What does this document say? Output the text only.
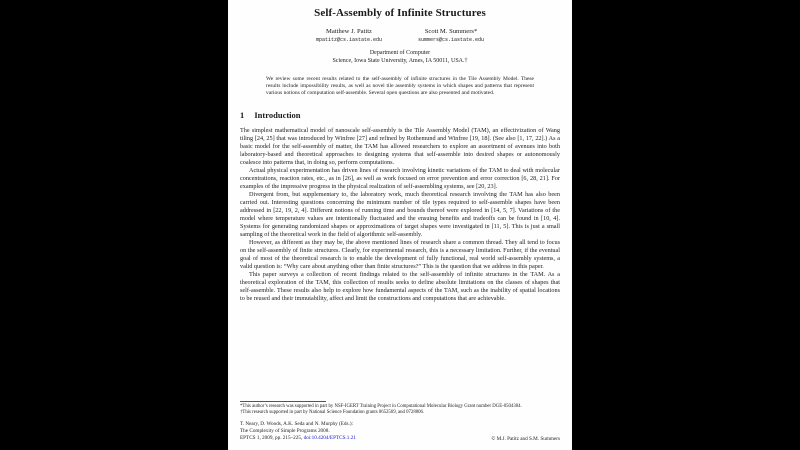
Self-Assembly of Infinite Structures
Matthew J. Patitz
mpatitz@cs.iastate.edu
Scott M. Summers*
summers@cs.iastate.edu
Department of Computer
Science, Iowa State University, Ames, IA 50011, USA.†
We review some recent results related to the self-assembly of infinite structures in the Tile Assembly Model. These results include impossibility results, as well as novel tile assembly systems in which shapes and patterns that represent various notions of computation self-assemble. Several open questions are also presented and motivated.
1 Introduction

The simplest mathematical model of nanoscale self-assembly is the Tile Assembly Model (TAM), an effectivization of Wang tiling [24, 25] that was introduced by Winfree [27] and refined by Rothemund and Winfree [19, 18]. (See also [1, 17, 22].) As a basic model for the self-assembly of matter, the TAM has allowed researchers to explore an assortment of avenues into both laboratory-based and theoretical approaches to designing systems that self-assemble into desired shapes or autonomously coalesce into patterns that, in doing so, perform computations.

Actual physical experimentation has driven lines of research involving kinetic variations of the TAM to deal with molecular concentrations, reaction rates, etc., as in [26], as well as work focused on error prevention and error correction [6, 28, 21]. For examples of the impressive progress in the physical realization of self-assembling systems, see [20, 23].

Divergent from, but supplementary to, the laboratory work, much theoretical research involving the TAM has also been carried out. Interesting questions concerning the minimum number of tile types required to self-assemble shapes have been addressed in [22, 19, 2, 4]. Different notions of running time and bounds thereof were explored in [14, 5, 7]. Variations of the model where temperature values are intentionally fluctuated and the ensuing benefits and tradeoffs can be found in [10, 4]. Systems for generating randomized shapes or approximations of target shapes were investigated in [11, 5]. This is just a small sampling of the theoretical work in the field of algorithmic self-assembly.

However, as different as they may be, the above mentioned lines of research share a common thread. They all tend to focus on the self-assembly of finite structures. Clearly, for experimental research, this is a necessary limitation. Further, if the eventual goal of most of the theoretical research is to enable the development of fully functional, real world self-assembly systems, a valid question is: “Why care about anything other than finite structures?” This is the question that we address in this paper.

This paper surveys a collection of recent findings related to the self-assembly of infinite structures in the TAM. As a theoretical exploration of the TAM, this collection of results seeks to define absolute limitations on the classes of shapes that self-assemble. These results also help to explore how fundamental aspects of the TAM, such as the inability of spatial locations to be reused and their immutability, affect and limit the constructions and computations that are achievable.

*This author’s research was supported in part by NSF-IGERT Training Project in Computational Molecular Biology Grant number DGE-0504304.
†This research supported in part by National Science Foundation grants 0652569, and 0728806.
T. Neary, D. Woods, A.K. Seda and N. Murphy (Eds.):
The Complexity of Simple Programs 2008.
EPTCS 1, 2009, pp. 215–225, doi:10.4204/EPTCS.1.21	© M.J. Patitz and S.M. Summers
